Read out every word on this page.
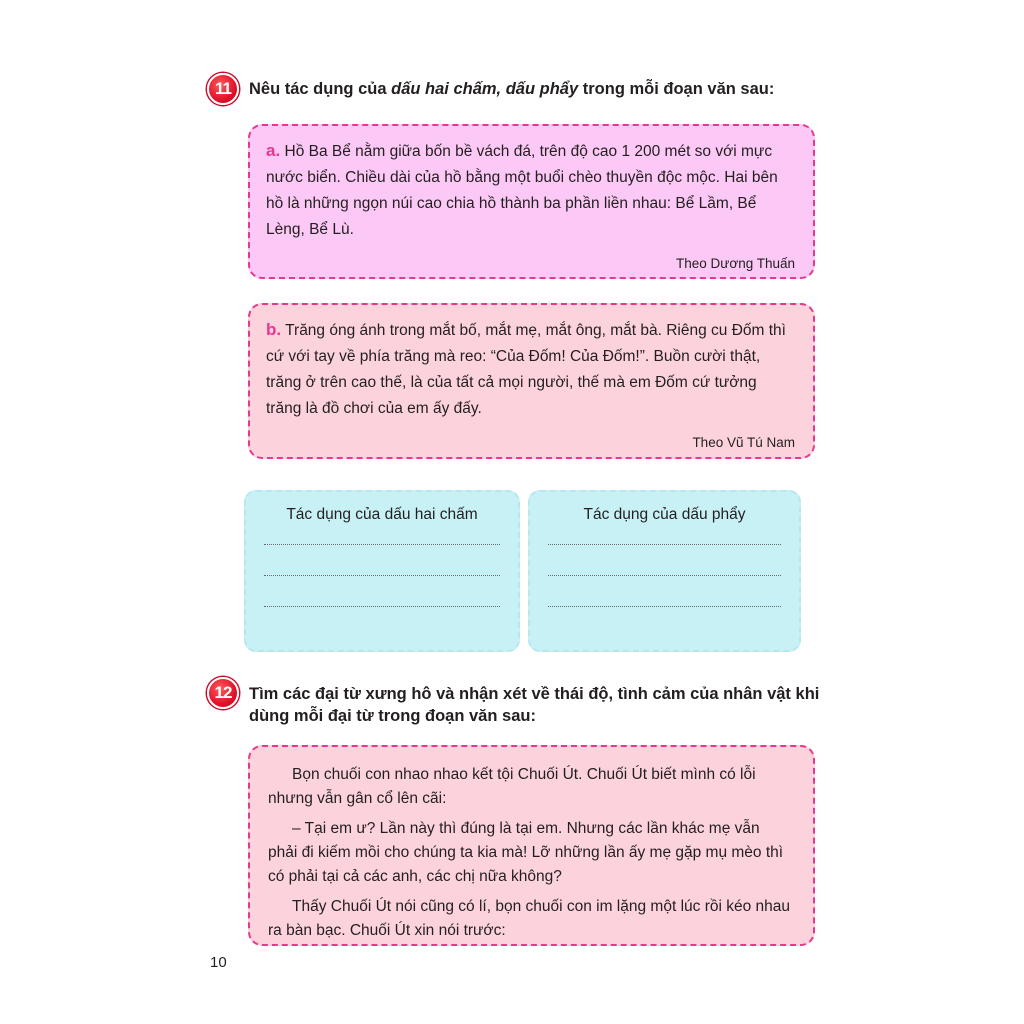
11	Nêu tác dụng của dấu hai chấm, dấu phẩy trong mỗi đoạn văn sau:
a. Hồ Ba Bể nằm giữa bốn bề vách đá, trên độ cao 1 200 mét so với mực nước biển. Chiều dài của hồ bằng một buổi chèo thuyền độc mộc. Hai bên hồ là những ngọn núi cao chia hồ thành ba phần liền nhau: Bể Lầm, Bể Lèng, Bể Lù.
Theo Dương Thuấn
b. Trăng óng ánh trong mắt bố, mắt mẹ, mắt ông, mắt bà. Riêng cu Đốm thì cứ với tay về phía trăng mà reo: “Của Đốm! Của Đốm!”. Buồn cười thật, trăng ở trên cao thế, là của tất cả mọi người, thế mà em Đốm cứ tưởng trăng là đồ chơi của em ấy đấy.
Theo Vũ Tú Nam
Tác dụng của dấu hai chấm	Tác dụng của dấu phẩy
12	Tìm các đại từ xưng hô và nhận xét về thái độ, tình cảm của nhân vật khi dùng mỗi đại từ trong đoạn văn sau:
Bọn chuối con nhao nhao kết tội Chuối Út. Chuối Út biết mình có lỗi nhưng vẫn gân cổ lên cãi:
– Tại em ư? Lần này thì đúng là tại em. Nhưng các lần khác mẹ vẫn phải đi kiếm mồi cho chúng ta kia mà! Lỡ những lần ấy mẹ gặp mụ mèo thì có phải tại cả các anh, các chị nữa không?
Thấy Chuối Út nói cũng có lí, bọn chuối con im lặng một lúc rồi kéo nhau ra bàn bạc. Chuối Út xin nói trước:
10
